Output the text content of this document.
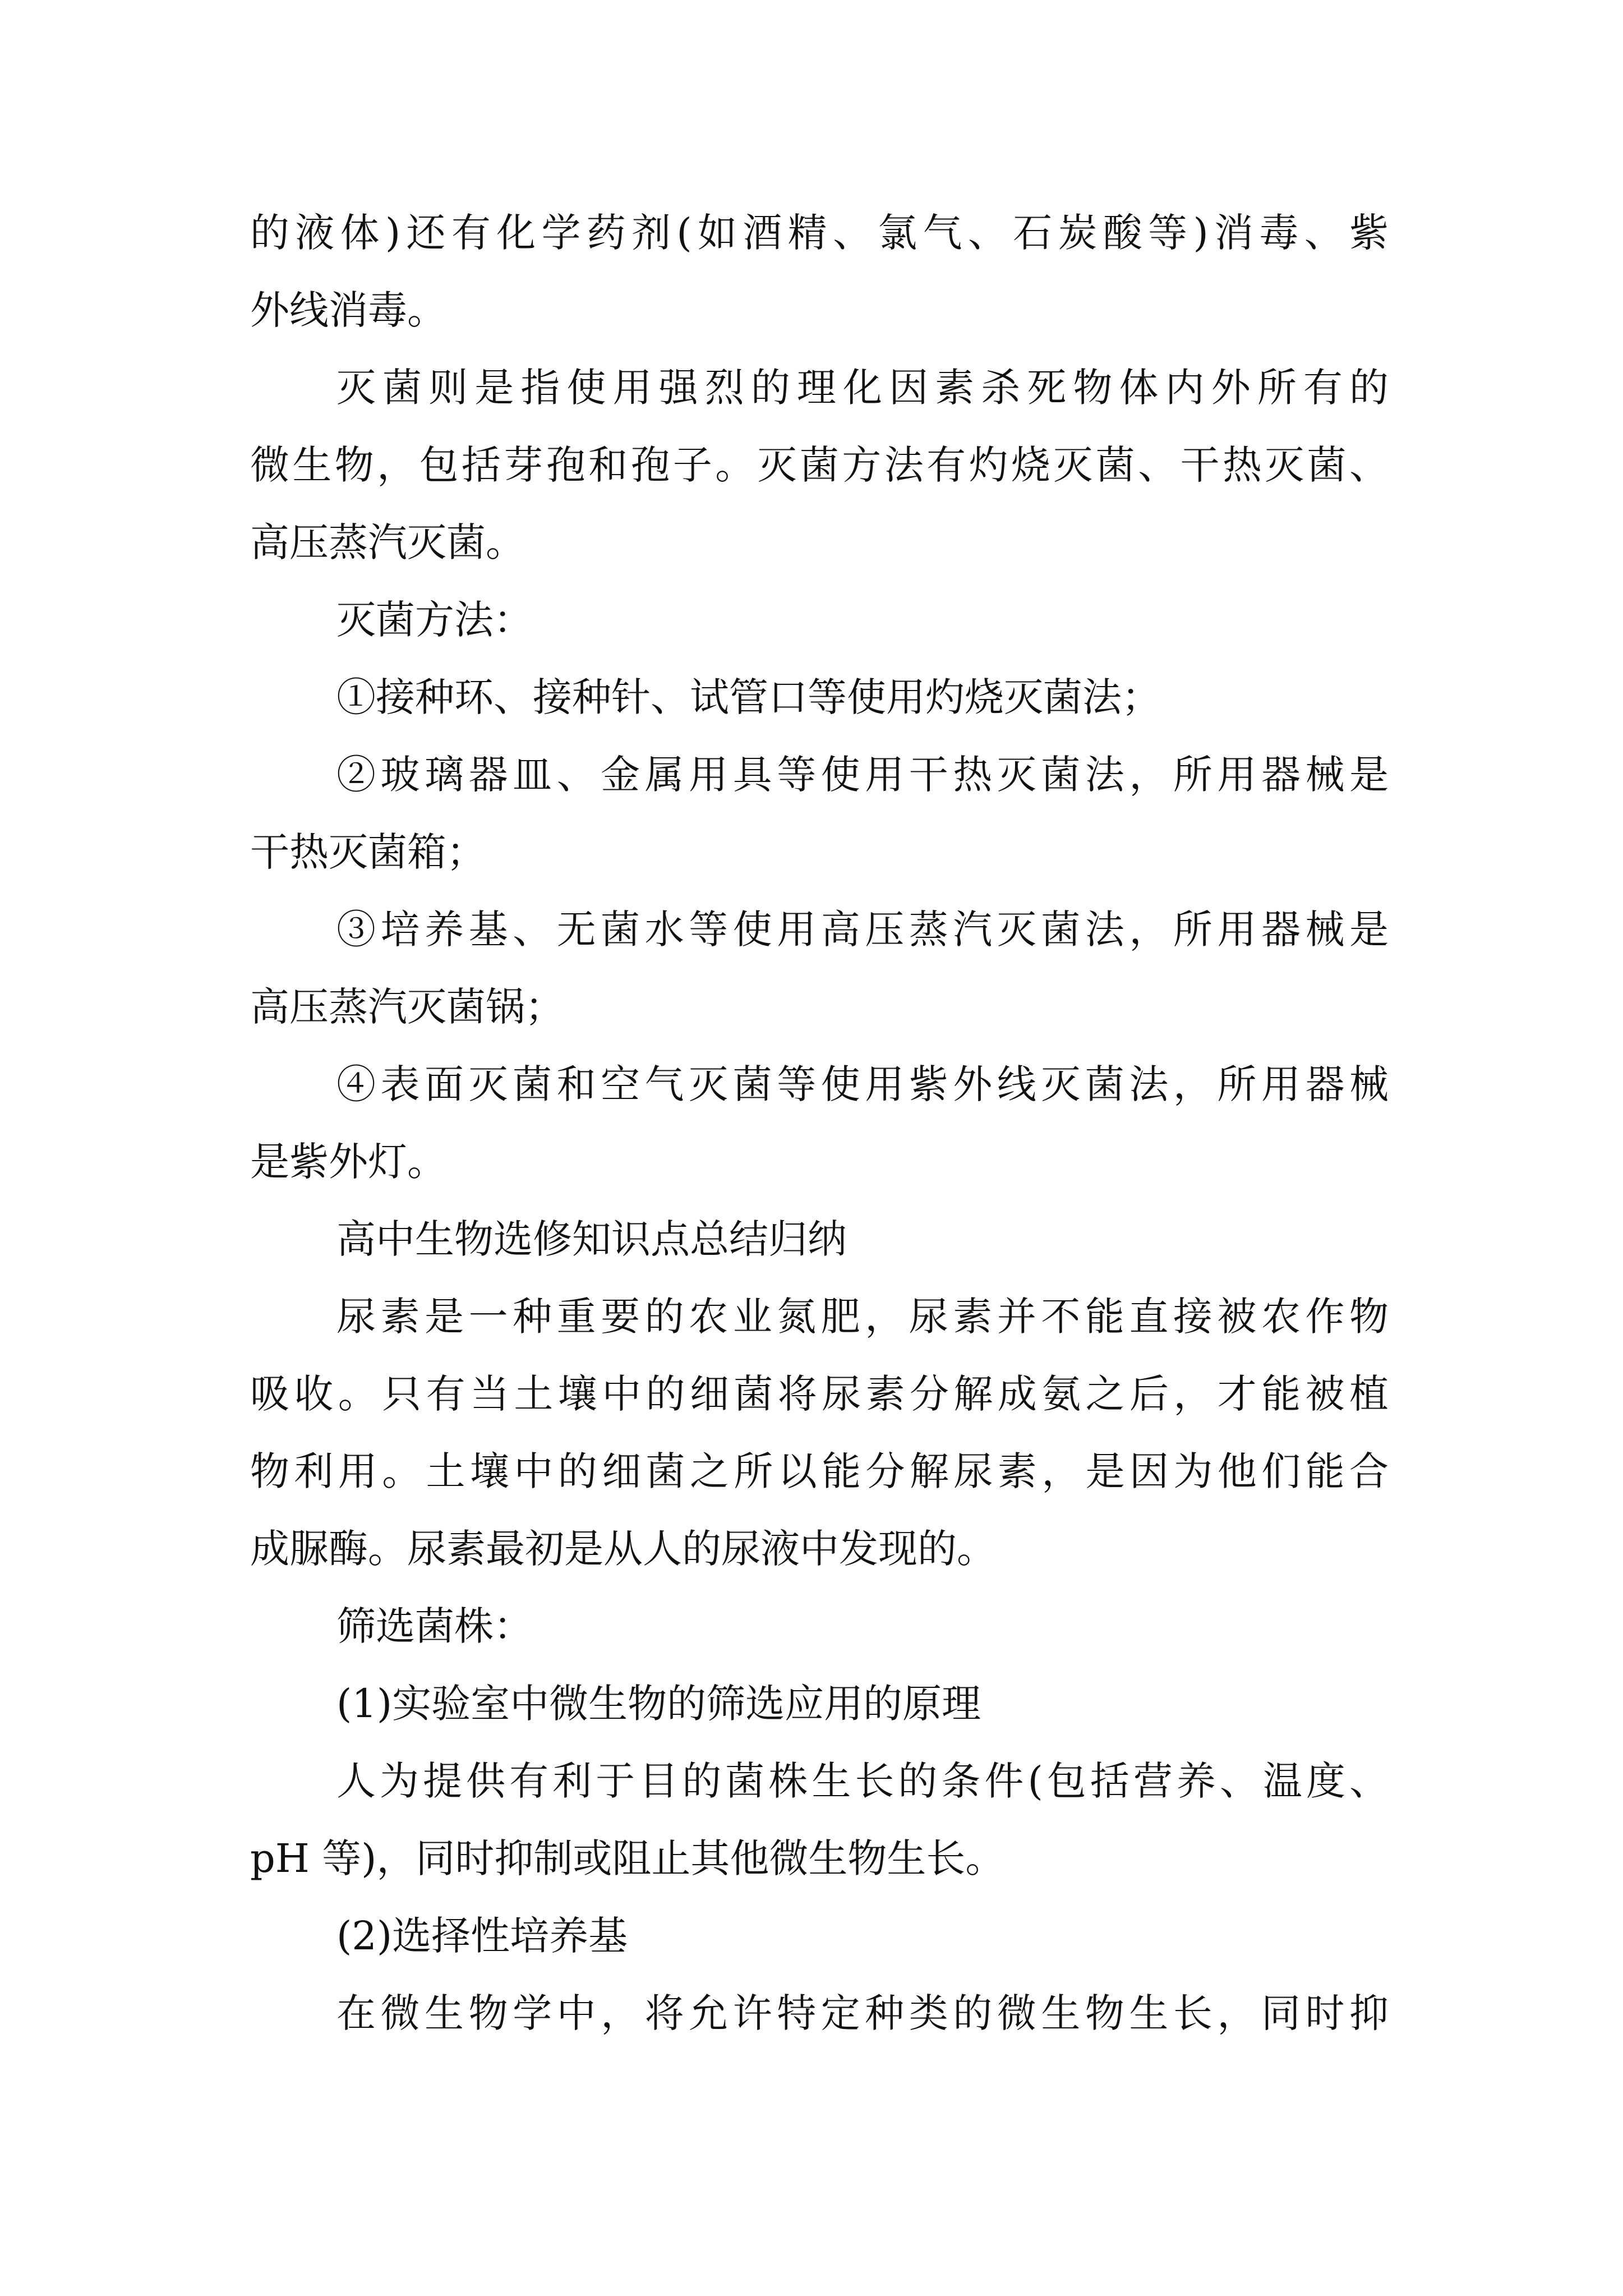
的液体)还有化学药剂(如酒精、氯气、石炭酸等)消毒、紫

外线消毒。

灭菌则是指使用强烈的理化因素杀死物体内外所有的

微生物，包括芽孢和孢子。灭菌方法有灼烧灭菌、干热灭菌、

高压蒸汽灭菌。

灭菌方法：

①接种环、接种针、试管口等使用灼烧灭菌法；

②玻璃器皿、金属用具等使用干热灭菌法，所用器械是

干热灭菌箱；

③培养基、无菌水等使用高压蒸汽灭菌法，所用器械是

高压蒸汽灭菌锅；

④表面灭菌和空气灭菌等使用紫外线灭菌法，所用器械

是紫外灯。

高中生物选修知识点总结归纳

尿素是一种重要的农业氮肥，尿素并不能直接被农作物

吸收。只有当土壤中的细菌将尿素分解成氨之后，才能被植

物利用。土壤中的细菌之所以能分解尿素，是因为他们能合

成脲酶。尿素最初是从人的尿液中发现的。

筛选菌株：

(1)实验室中微生物的筛选应用的原理

人为提供有利于目的菌株生长的条件(包括营养、温度、

pH 等)，同时抑制或阻止其他微生物生长。

(2)选择性培养基

在微生物学中，将允许特定种类的微生物生长，同时抑
